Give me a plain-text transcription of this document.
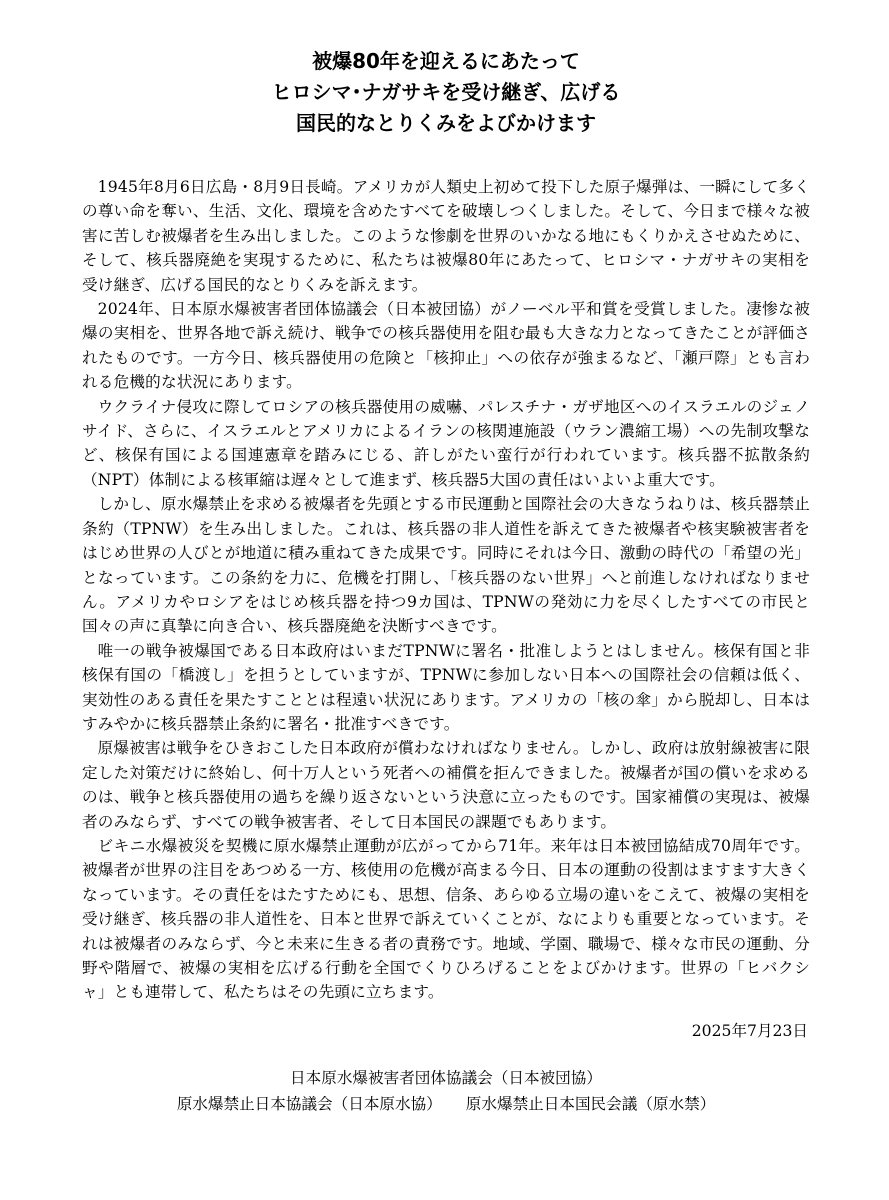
被爆80年を迎えるにあたって
ヒロシマ･ナガサキを受け継ぎ、広げる
国民的なとりくみをよびかけます

1945年8月6日広島・8月9日長崎。アメリカが人類史上初めて投下した原子爆弾は、一瞬にして多くの尊い命を奪い、生活、文化、環境を含めたすべてを破壊しつくしました。そして、今日まで様々な被害に苦しむ被爆者を生み出しました。このような惨劇を世界のいかなる地にもくりかえさせぬために、そして、核兵器廃絶を実現するために、私たちは被爆80年にあたって、ヒロシマ・ナガサキの実相を受け継ぎ、広げる国民的なとりくみを訴えます。

2024年、日本原水爆被害者団体協議会（日本被団協）がノーベル平和賞を受賞しました。凄惨な被爆の実相を、世界各地で訴え続け、戦争での核兵器使用を阻む最も大きな力となってきたことが評価されたものです。一方今日、核兵器使用の危険と「核抑止」への依存が強まるなど、「瀬戸際」とも言われる危機的な状況にあります。

ウクライナ侵攻に際してロシアの核兵器使用の威嚇、パレスチナ・ガザ地区へのイスラエルのジェノサイド、さらに、イスラエルとアメリカによるイランの核関連施設（ウラン濃縮工場）への先制攻撃など、核保有国による国連憲章を踏みにじる、許しがたい蛮行が行われています。核兵器不拡散条約（NPT）体制による核軍縮は遅々として進まず、核兵器5大国の責任はいよいよ重大です。

しかし、原水爆禁止を求める被爆者を先頭とする市民運動と国際社会の大きなうねりは、核兵器禁止条約（TPNW）を生み出しました。これは、核兵器の非人道性を訴えてきた被爆者や核実験被害者をはじめ世界の人びとが地道に積み重ねてきた成果です。同時にそれは今日、激動の時代の「希望の光」となっています。この条約を力に、危機を打開し、「核兵器のない世界」へと前進しなければなりません。アメリカやロシアをはじめ核兵器を持つ9カ国は、TPNWの発効に力を尽くしたすべての市民と国々の声に真摯に向き合い、核兵器廃絶を決断すべきです。

唯一の戦争被爆国である日本政府はいまだTPNWに署名・批准しようとはしません。核保有国と非核保有国の「橋渡し」を担うとしていますが、TPNWに参加しない日本への国際社会の信頼は低く、実効性のある責任を果たすこととは程遠い状況にあります。アメリカの「核の傘」から脱却し、日本はすみやかに核兵器禁止条約に署名・批准すべきです。

原爆被害は戦争をひきおこした日本政府が償わなければなりません。しかし、政府は放射線被害に限定した対策だけに終始し、何十万人という死者への補償を拒んできました。被爆者が国の償いを求めるのは、戦争と核兵器使用の過ちを繰り返さないという決意に立ったものです。国家補償の実現は、被爆者のみならず、すべての戦争被害者、そして日本国民の課題でもあります。

ビキニ水爆被災を契機に原水爆禁止運動が広がってから71年。来年は日本被団協結成70周年です。被爆者が世界の注目をあつめる一方、核使用の危機が高まる今日、日本の運動の役割はますます大きくなっています。その責任をはたすためにも、思想、信条、あらゆる立場の違いをこえて、被爆の実相を受け継ぎ、核兵器の非人道性を、日本と世界で訴えていくことが、なによりも重要となっています。それは被爆者のみならず、今と未来に生きる者の責務です。地域、学園、職場で、様々な市民の運動、分野や階層で、被爆の実相を広げる行動を全国でくりひろげることをよびかけます。世界の「ヒバクシャ」とも連帯して、私たちはその先頭に立ちます。

2025年7月23日
日本原水爆被害者団体協議会（日本被団協）
原水爆禁止日本協議会（日本原水協） 原水爆禁止日本国民会議（原水禁）
